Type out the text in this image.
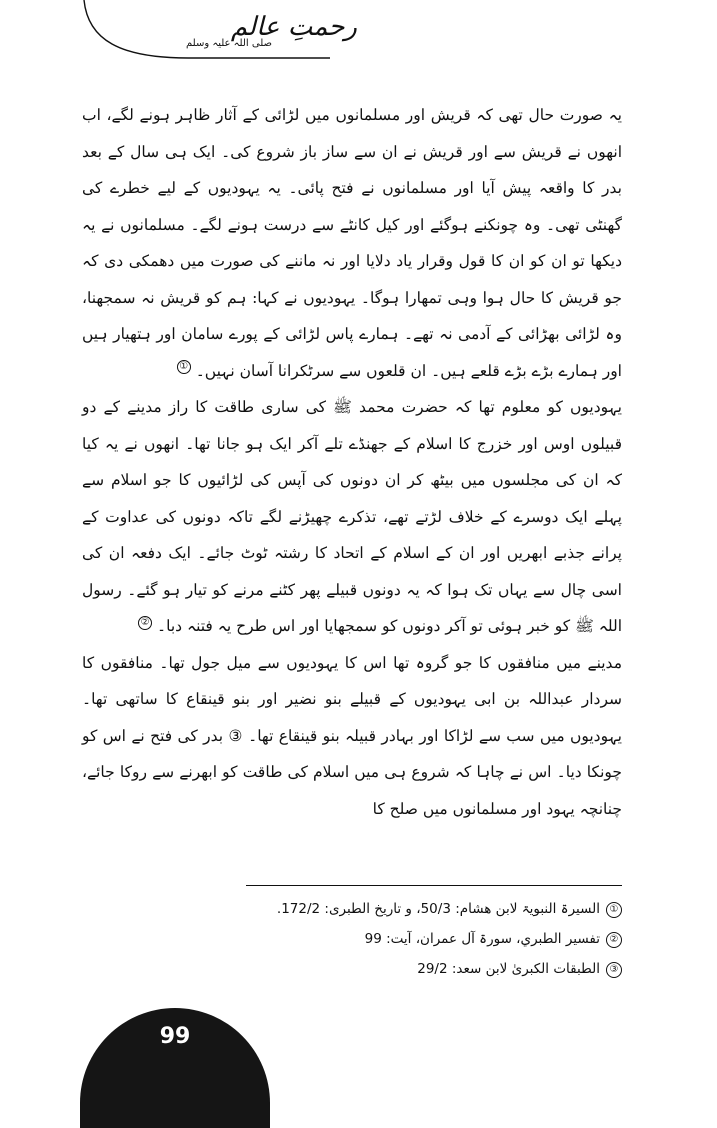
رحمتِ عالم
صلی اللہ علیہ وسلم

یہ صورت حال تھی کہ قریش اور مسلمانوں میں لڑائی کے آثار ظاہر ہونے لگے، اب انھوں نے قریش سے اور قریش نے ان سے ساز باز شروع کی۔ ایک ہی سال کے بعد بدر کا واقعہ پیش آیا اور مسلمانوں نے فتح پائی۔ یہ یہودیوں کے لیے خطرے کی گھنٹی تھی۔ وہ چونکنے ہوگئے اور کیل کانٹے سے درست ہونے لگے۔ مسلمانوں نے یہ دیکھا تو ان کو ان کا قول وقرار یاد دلایا اور نہ ماننے کی صورت میں دھمکی دی کہ جو قریش کا حال ہوا وہی تمھارا ہوگا۔ یہودیوں نے کہا: ہم کو قریش نہ سمجھنا، وہ لڑائی بھڑائی کے آدمی نہ تھے۔ ہمارے پاس لڑائی کے پورے سامان اور ہتھیار ہیں اور ہمارے بڑے بڑے قلعے ہیں۔ ان قلعوں سے سرٹکرانا آسان نہیں۔ ①

یہودیوں کو معلوم تھا کہ حضرت محمد ﷺ کی ساری طاقت کا راز مدینے کے دو قبیلوں اوس اور خزرج کا اسلام کے جھنڈے تلے آکر ایک ہو جانا تھا۔ انھوں نے یہ کیا کہ ان کی مجلسوں میں بیٹھ کر ان دونوں کی آپس کی لڑائیوں کا جو اسلام سے پہلے ایک دوسرے کے خلاف لڑتے تھے، تذکرے چھیڑنے لگے تاکہ دونوں کی عداوت کے پرانے جذبے ابھریں اور ان کے اسلام کے اتحاد کا رشتہ ٹوٹ جائے۔ ایک دفعہ ان کی اسی چال سے یہاں تک ہوا کہ یہ دونوں قبیلے پھر کٹنے مرنے کو تیار ہو گئے۔ رسول اللہ ﷺ کو خبر ہوئی تو آکر دونوں کو سمجھایا اور اس طرح یہ فتنہ دبا۔ ②

مدینے میں منافقوں کا جو گروہ تھا اس کا یہودیوں سے میل جول تھا۔ منافقوں کا سردار عبداللہ بن ابی یہودیوں کے قبیلے بنو نضیر اور بنو قینقاع کا ساتھی تھا۔ یہودیوں میں سب سے لڑاکا اور بہادر قبیلہ بنو قینقاع تھا۔ ③ بدر کی فتح نے اس کو چونکا دیا۔ اس نے چاہا کہ شروع ہی میں اسلام کی طاقت کو ابھرنے سے روکا جائے، چنانچہ یہود اور مسلمانوں میں صلح کا

①
السیرۃ النبویۃ لابن ھشام: 50/3، و تاریخ الطبری: 172/2.
②
تفسیر الطبري، سورۃ آل عمران، آیت: 99
③
الطبقات الکبریٰ لابن سعد: 29/2
99
